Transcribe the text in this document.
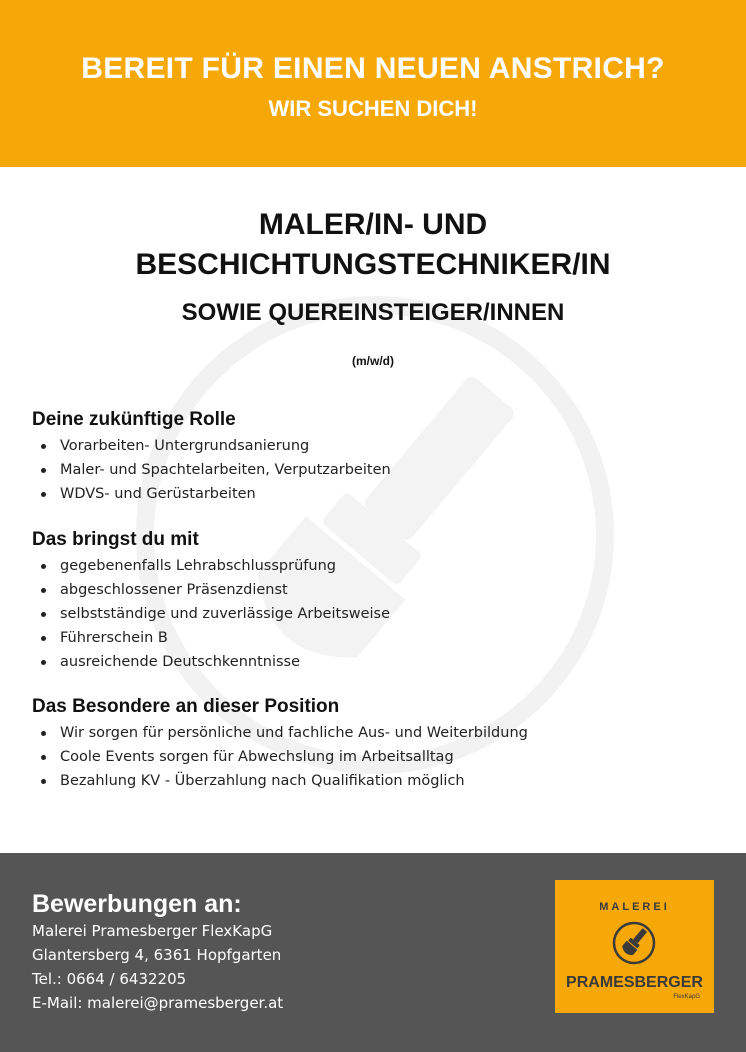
BEREIT FÜR EINEN NEUEN ANSTRICH?
WIR SUCHEN DICH!
MALER/IN- UND
BESCHICHTUNGSTECHNIKER/IN
SOWIE QUEREINSTEIGER/INNEN
(m/w/d)
Deine zukünftige Rolle
Vorarbeiten- Untergrundsanierung
Maler- und Spachtelarbeiten, Verputzarbeiten
WDVS- und Gerüstarbeiten
Das bringst du mit
gegebenenfalls Lehrabschlussprüfung
abgeschlossener Präsenzdienst
selbstständige und zuverlässige Arbeitsweise
Führerschein B
ausreichende Deutschkenntnisse
Das Besondere an dieser Position
Wir sorgen für persönliche und fachliche Aus- und Weiterbildung
Coole Events sorgen für Abwechslung im Arbeitsalltag
Bezahlung KV - Überzahlung nach Qualifikation möglich
Bewerbungen an:
Malerei Pramesberger FlexKapG
Glantersberg 4, 6361 Hopfgarten
Tel.: 0664 / 6432205
E-Mail: malerei@pramesberger.at
MALEREI
PRAMESBERGER
FlexKapG
